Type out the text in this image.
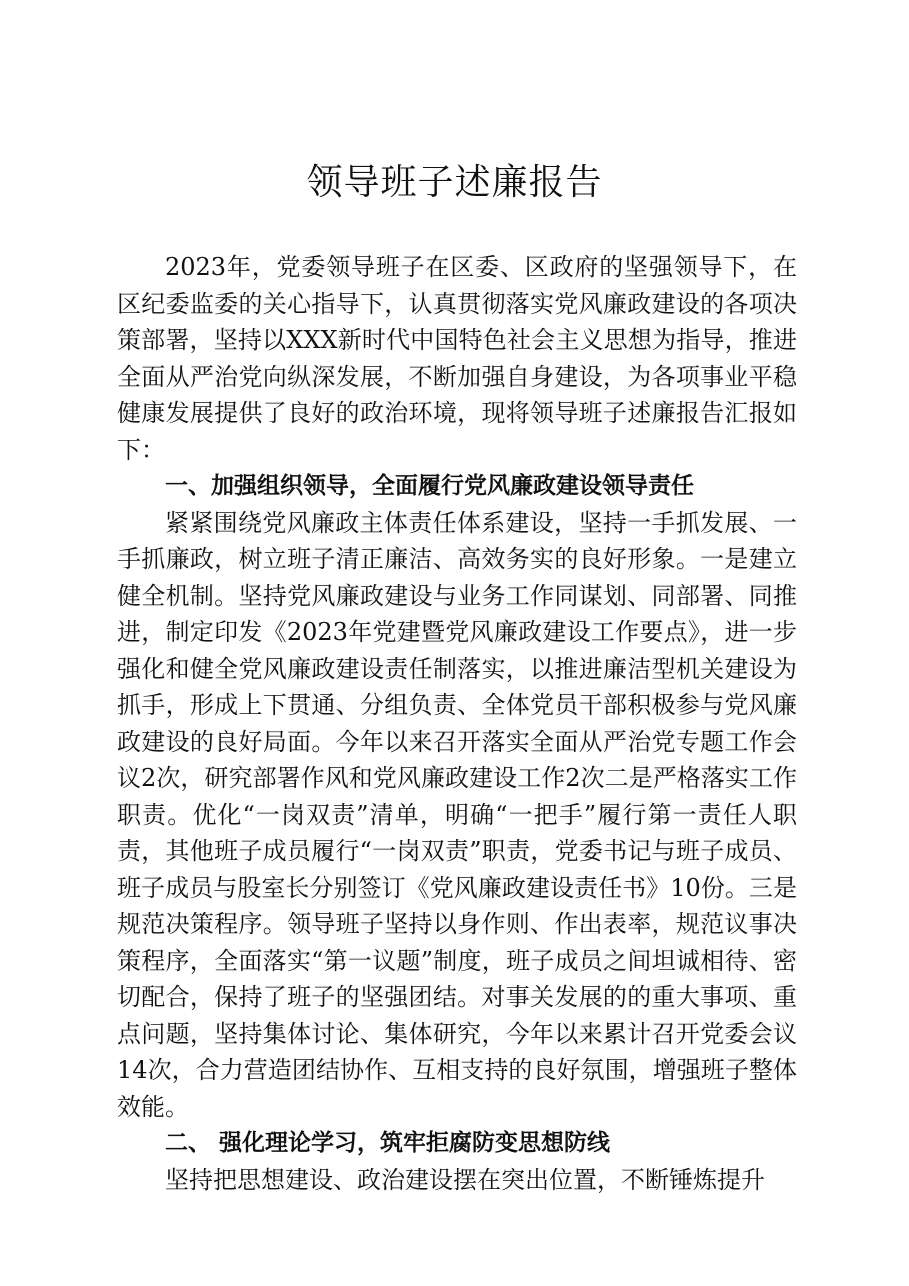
领导班子述廉报告

2023年，党委领导班子在区委、区政府的坚强领导下，在区纪委监委的关心指导下，认真贯彻落实党风廉政建设的各项决策部署，坚持以XXX新时代中国特色社会主义思想为指导，推进全面从严治党向纵深发展，不断加强自身建设，为各项事业平稳健康发展提供了良好的政治环境，现将领导班子述廉报告汇报如下：

一、加强组织领导，全面履行党风廉政建设领导责任

紧紧围绕党风廉政主体责任体系建设，坚持一手抓发展、一手抓廉政，树立班子清正廉洁、高效务实的良好形象。一是建立健全机制。坚持党风廉政建设与业务工作同谋划、同部署、同推进，制定印发《2023年党建暨党风廉政建设工作要点》，进一步强化和健全党风廉政建设责任制落实，以推进廉洁型机关建设为抓手，形成上下贯通、分组负责、全体党员干部积极参与党风廉政建设的良好局面。今年以来召开落实全面从严治党专题工作会议2次，研究部署作风和党风廉政建设工作2次二是严格落实工作职责。优化“一岗双责”清单，明确“一把手”履行第一责任人职责，其他班子成员履行“一岗双责”职责，党委书记与班子成员、班子成员与股室长分别签订《党风廉政建设责任书》10份。三是规范决策程序。领导班子坚持以身作则、作出表率，规范议事决策程序，全面落实“第一议题”制度，班子成员之间坦诚相待、密切配合，保持了班子的坚强团结。对事关发展的的重大事项、重点问题，坚持集体讨论、集体研究，今年以来累计召开党委会议14次，合力营造团结协作、互相支持的良好氛围，增强班子整体效能。

二、 强化理论学习，筑牢拒腐防变思想防线

坚持把思想建设、政治建设摆在突出位置，不断锤炼提升
